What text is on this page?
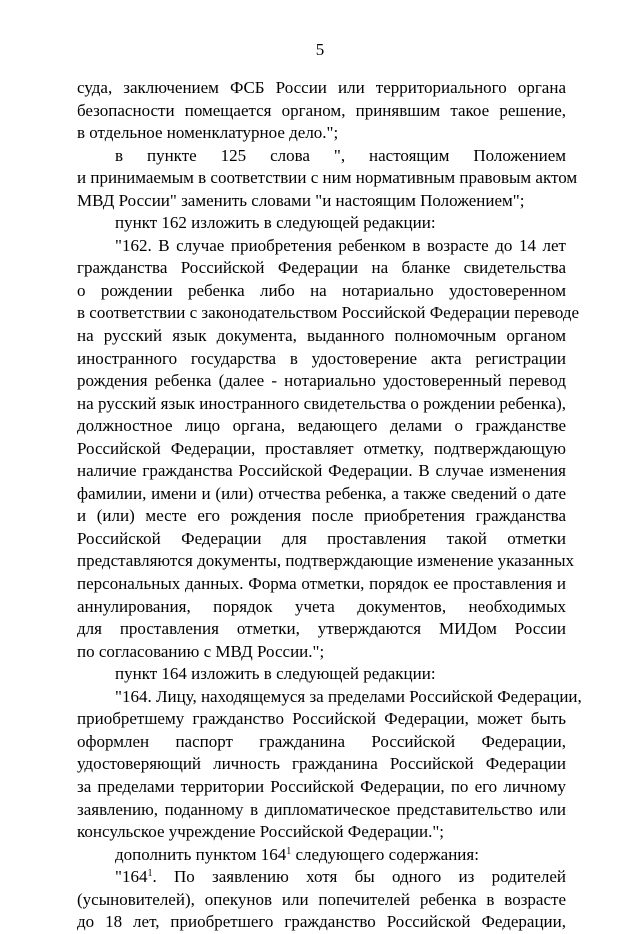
5
суда, заключением ФСБ России или территориального органа
безопасности помещается органом, принявшим такое решение,
в отдельное номенклатурное дело.";
в пункте 125 слова ", настоящим Положением
и принимаемым в соответствии с ним нормативным правовым актом
МВД России" заменить словами "и настоящим Положением";
пункт 162 изложить в следующей редакции:
"162. В случае приобретения ребенком в возрасте до 14 лет
гражданства Российской Федерации на бланке свидетельства
о рождении ребенка либо на нотариально удостоверенном
в соответствии с законодательством Российской Федерации переводе
на русский язык документа, выданного полномочным органом
иностранного государства в удостоверение акта регистрации
рождения ребенка (далее - нотариально удостоверенный перевод
на русский язык иностранного свидетельства о рождении ребенка),
должностное лицо органа, ведающего делами о гражданстве
Российской Федерации, проставляет отметку, подтверждающую
наличие гражданства Российской Федерации. В случае изменения
фамилии, имени и (или) отчества ребенка, а также сведений о дате
и (или) месте его рождения после приобретения гражданства
Российской Федерации для проставления такой отметки
представляются документы, подтверждающие изменение указанных
персональных данных. Форма отметки, порядок ее проставления и
аннулирования, порядок учета документов, необходимых
для проставления отметки, утверждаются МИДом России
по согласованию с МВД России.";
пункт 164 изложить в следующей редакции:
"164. Лицу, находящемуся за пределами Российской Федерации,
приобретшему гражданство Российской Федерации, может быть
оформлен паспорт гражданина Российской Федерации,
удостоверяющий личность гражданина Российской Федерации
за пределами территории Российской Федерации, по его личному
заявлению, поданному в дипломатическое представительство или
консульское учреждение Российской Федерации.";
дополнить пунктом $164^1$ следующего содержания:
"$164^1$. По заявлению хотя бы одного из родителей
(усыновителей), опекунов или попечителей ребенка в возрасте
до 18 лет, приобретшего гражданство Российской Федерации,
